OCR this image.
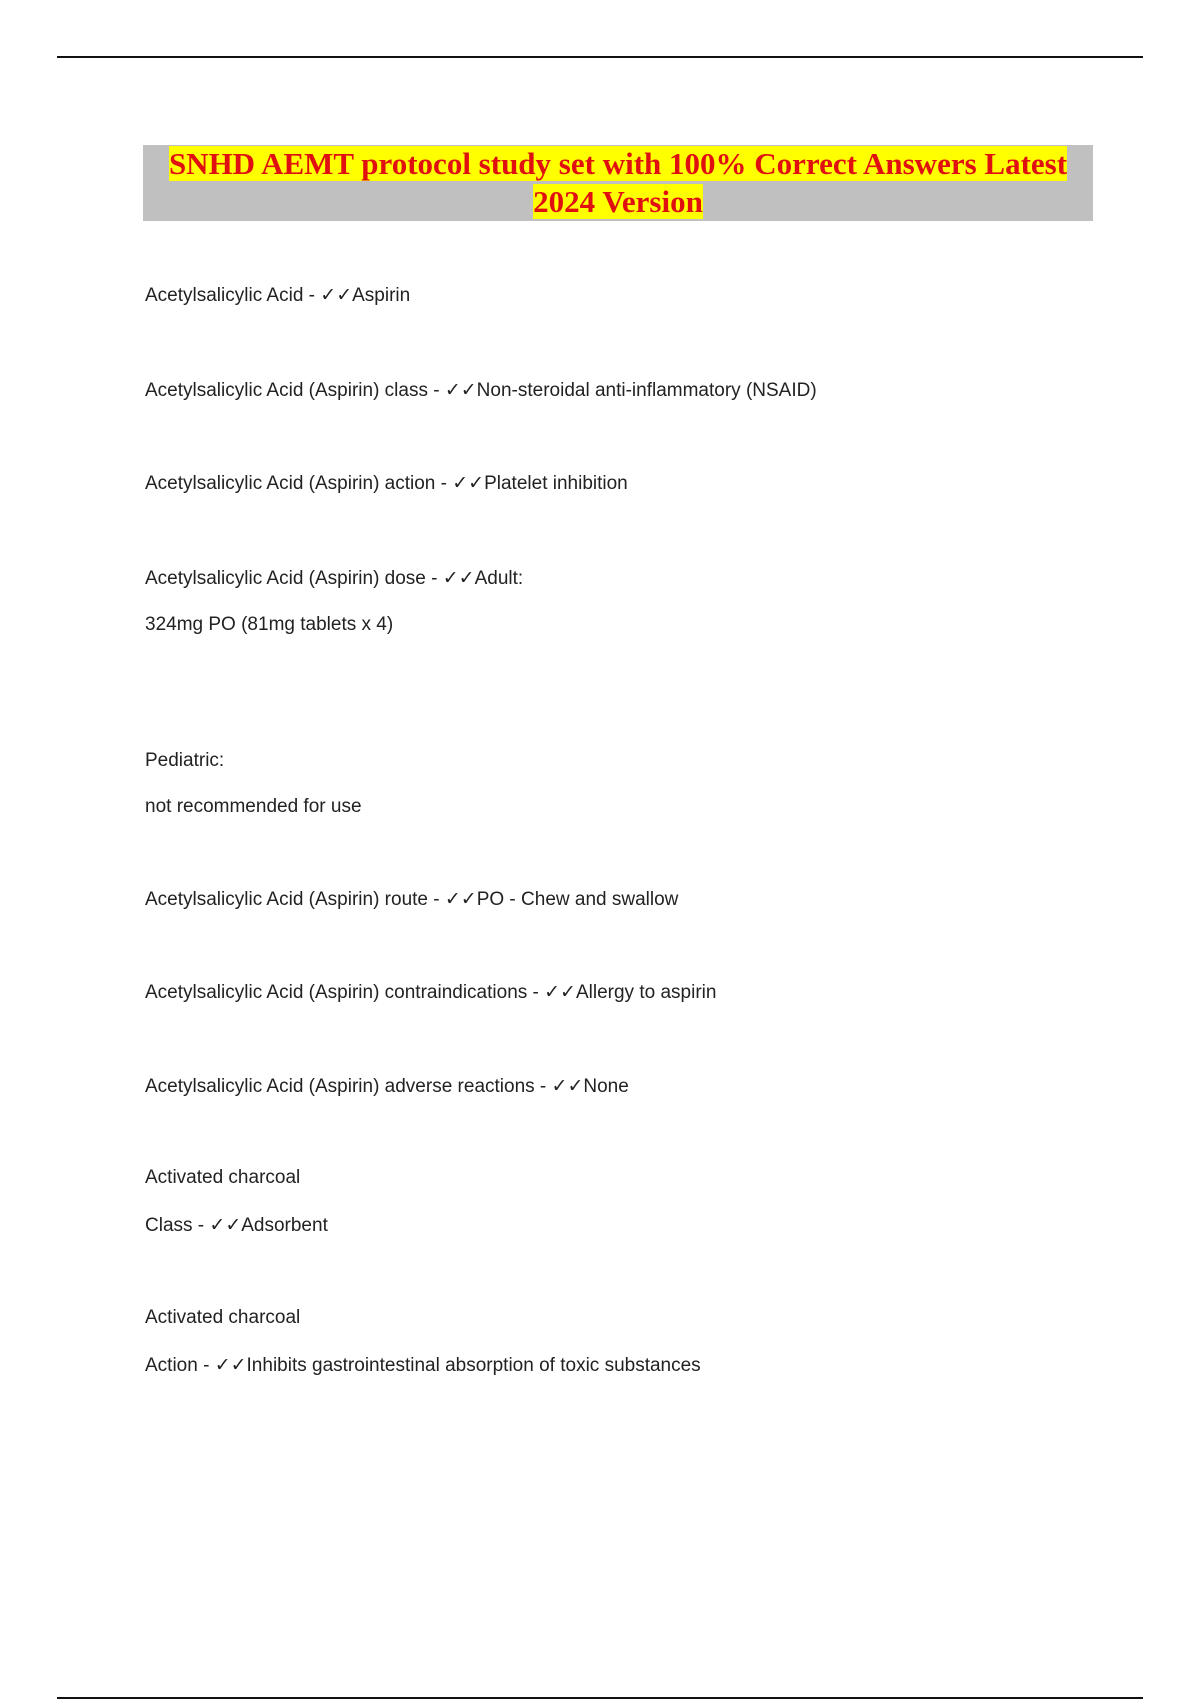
SNHD AEMT protocol study set with 100% Correct Answers Latest
2024 Version
Acetylsalicylic Acid - ✓✓Aspirin
Acetylsalicylic Acid (Aspirin) class - ✓✓Non-steroidal anti-inflammatory (NSAID)
Acetylsalicylic Acid (Aspirin) action - ✓✓Platelet inhibition
Acetylsalicylic Acid (Aspirin) dose - ✓✓Adult:
324mg PO (81mg tablets x 4)
Pediatric:
not recommended for use
Acetylsalicylic Acid (Aspirin) route - ✓✓PO - Chew and swallow
Acetylsalicylic Acid (Aspirin) contraindications - ✓✓Allergy to aspirin
Acetylsalicylic Acid (Aspirin) adverse reactions - ✓✓None
Activated charcoal
Class - ✓✓Adsorbent
Activated charcoal
Action - ✓✓Inhibits gastrointestinal absorption of toxic substances
